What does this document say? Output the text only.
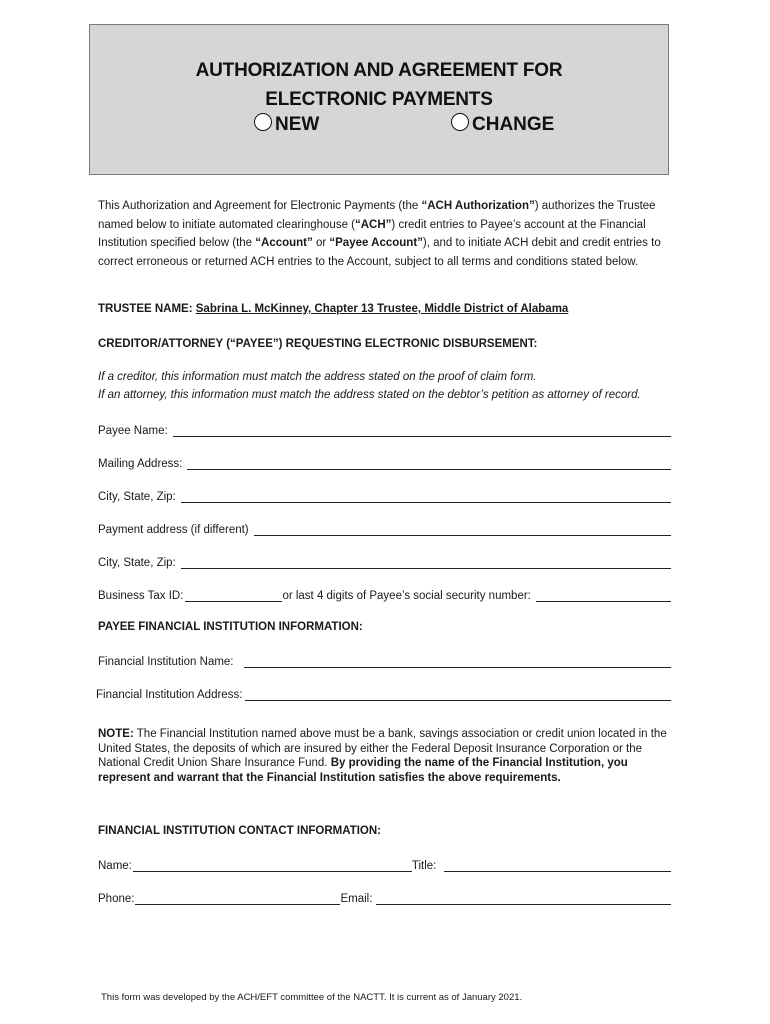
AUTHORIZATION AND AGREEMENT FOR
ELECTRONIC PAYMENTS
NEW	CHANGE

This Authorization and Agreement for Electronic Payments (the “ACH Authorization”) authorizes the Trustee named below to initiate automated clearinghouse (“ACH”) credit entries to Payee’s account at the Financial Institution specified below (the “Account” or “Payee Account”), and to initiate ACH debit and credit entries to correct erroneous or returned ACH entries to the Account, subject to all terms and conditions stated below.

TRUSTEE NAME: Sabrina L. McKinney, Chapter 13 Trustee, Middle District of Alabama
CREDITOR/ATTORNEY (“PAYEE”) REQUESTING ELECTRONIC DISBURSEMENT:
If a creditor, this information must match the address stated on the proof of claim form.
If an attorney, this information must match the address stated on the debtor’s petition as attorney of record.
Payee Name:
Mailing Address:
City, State, Zip:
Payment address (if different)
City, State, Zip:
Business Tax ID:	or last 4 digits of Payee’s social security number:
PAYEE FINANCIAL INSTITUTION INFORMATION:
Financial Institution Name:
Financial Institution Address:

NOTE: The Financial Institution named above must be a bank, savings association or credit union located in the United States, the deposits of which are insured by either the Federal Deposit Insurance Corporation or the National Credit Union Share Insurance Fund. By providing the name of the Financial Institution, you represent and warrant that the Financial Institution satisfies the above requirements.

FINANCIAL INSTITUTION CONTACT INFORMATION:
Name:	Title:
Phone:	Email:
This form was developed by the ACH/EFT committee of the NACTT. It is current as of January 2021.
